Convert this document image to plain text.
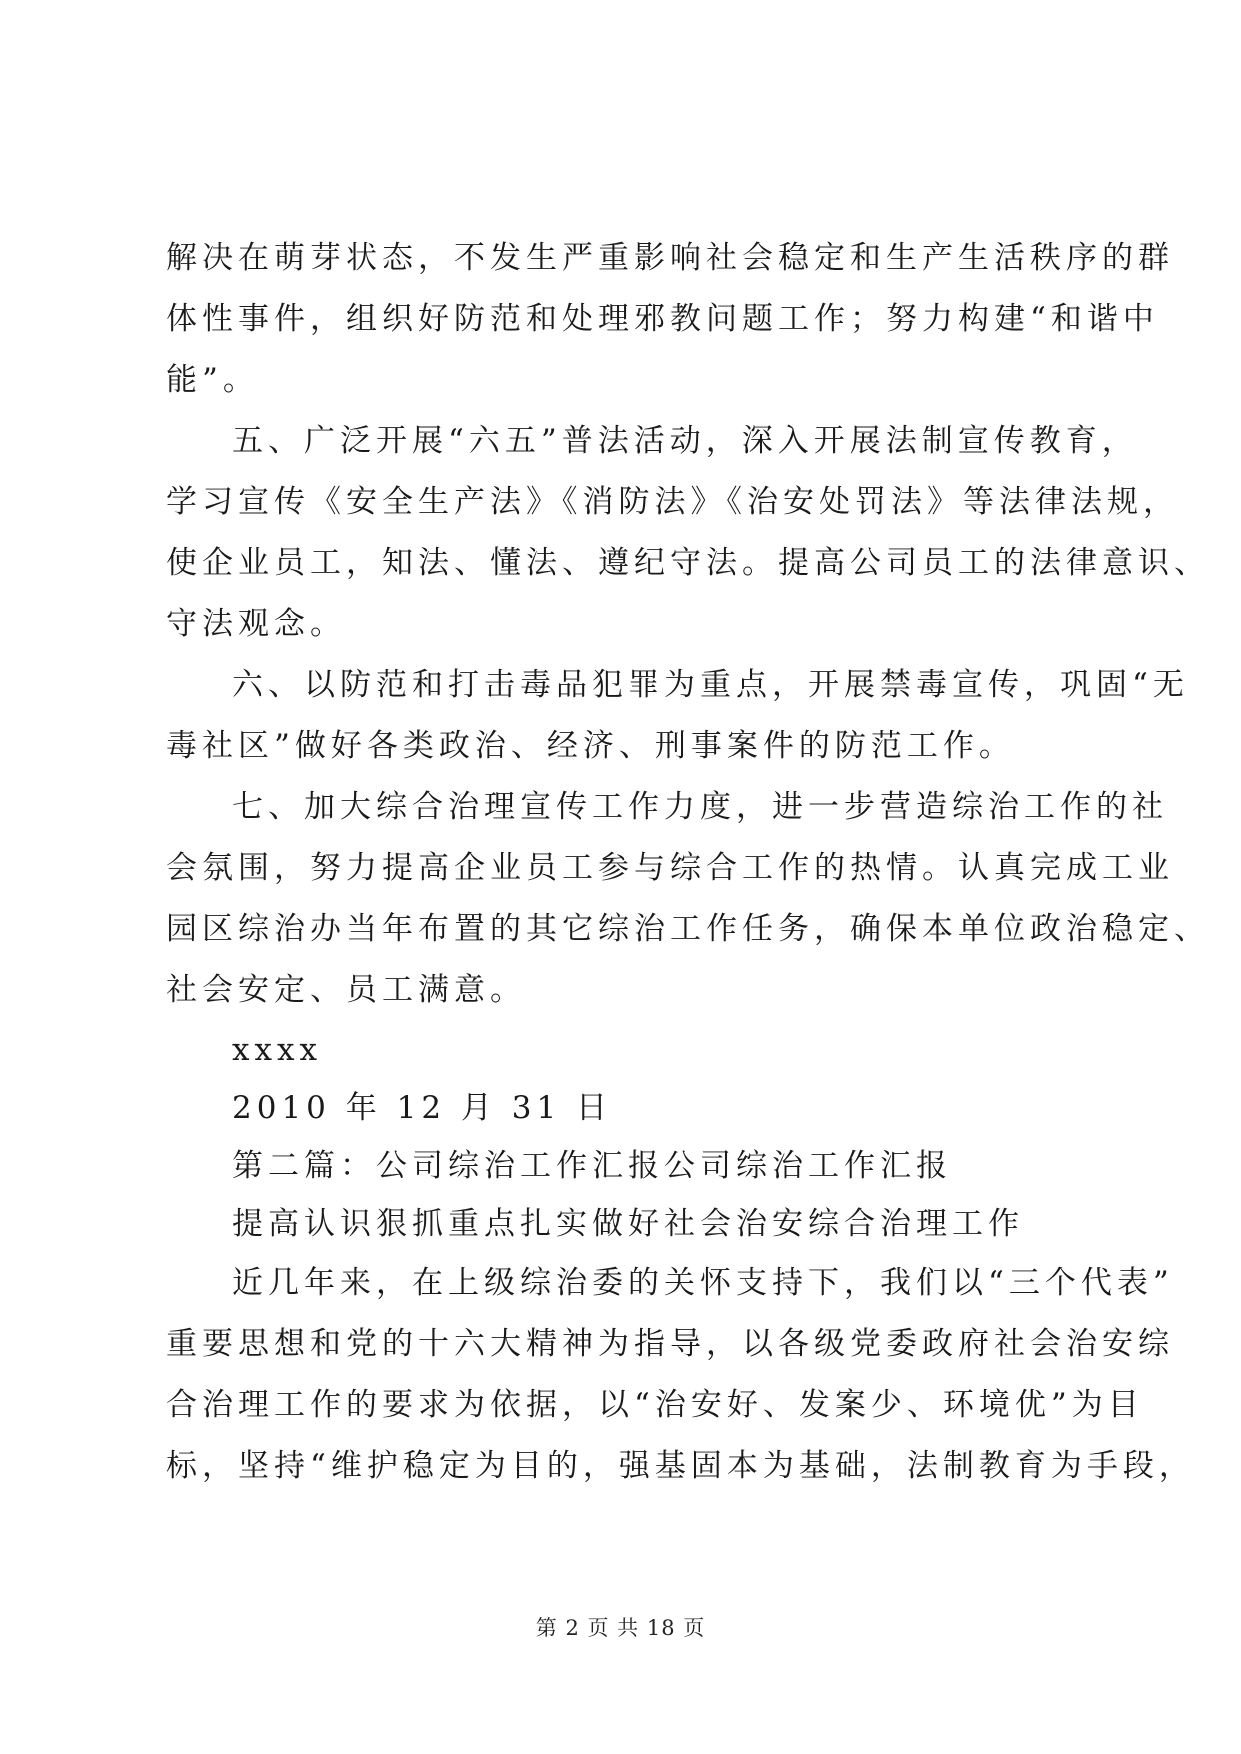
解决在萌芽状态，不发生严重影响社会稳定和生产生活秩序的群
体性事件，组织好防范和处理邪教问题工作；努力构建“和谐中
能”。
五、广泛开展“六五”普法活动，深入开展法制宣传教育，
学习宣传《安全生产法》《消防法》《治安处罚法》等法律法规，
使企业员工，知法、懂法、遵纪守法。提高公司员工的法律意识、
守法观念。
六、以防范和打击毒品犯罪为重点，开展禁毒宣传，巩固“无
毒社区”做好各类政治、经济、刑事案件的防范工作。
七、加大综合治理宣传工作力度，进一步营造综治工作的社
会氛围，努力提高企业员工参与综合工作的热情。认真完成工业
园区综治办当年布置的其它综治工作任务，确保本单位政治稳定、
社会安定、员工满意。
xxxx
2010 年 12 月 31 日
第二篇：公司综治工作汇报公司综治工作汇报
提高认识狠抓重点扎实做好社会治安综合治理工作
近几年来，在上级综治委的关怀支持下，我们以“三个代表”
重要思想和党的十六大精神为指导，以各级党委政府社会治安综
合治理工作的要求为依据，以“治安好、发案少、环境优”为目
标，坚持“维护稳定为目的，强基固本为基础，法制教育为手段，
第 2 页 共 18 页
